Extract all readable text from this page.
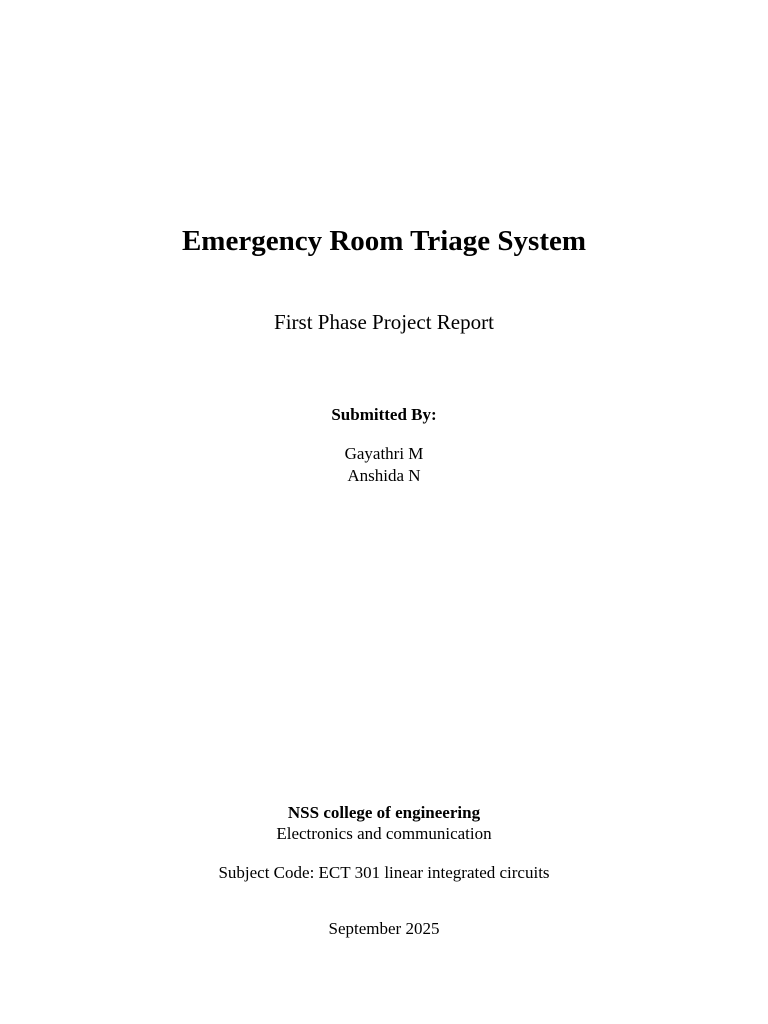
Emergency Room Triage System
First Phase Project Report
Submitted By:
Gayathri M
Anshida N
NSS college of engineering
Electronics and communication
Subject Code: ECT 301 linear integrated circuits
September 2025
